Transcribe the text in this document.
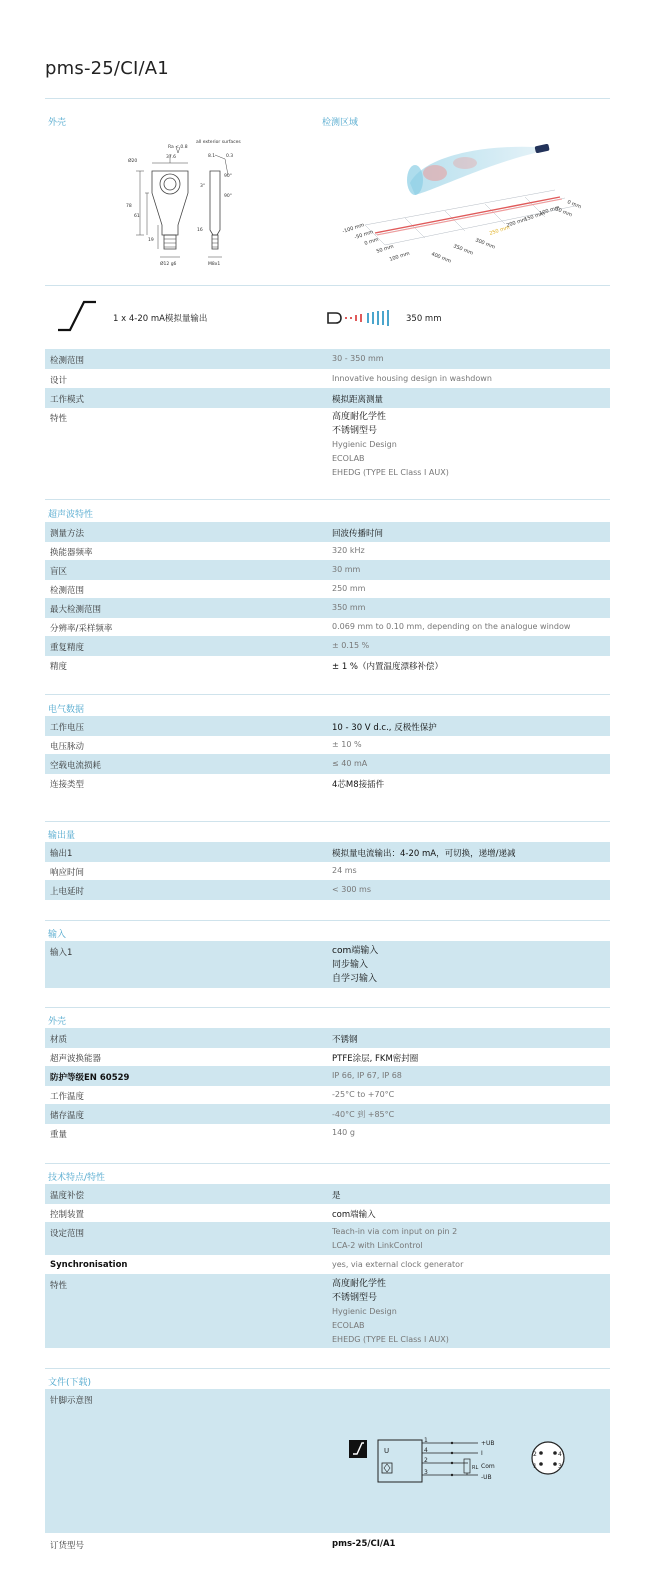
pms-25/CI/A1
外壳	检测区域
Ra < 0.8
all exterior surfaces
Ø20
37.6	8.1 0.3
3°
90°
90°
78
61
19
16
Ø12 g6	M8x1
0 mm
50 mm
100 mm
150 mm
200 mm
250 mm
-100 mm
-50 mm
0 mm
50 mm
100 mm
300 mm
350 mm
400 mm
1 x 4-20 mA模拟量输出	350 mm
检测范围	30 - 350 mm
设计	Innovative housing design in washdown
工作模式	模拟距离测量
特性	高度耐化学性
不锈钢型号
Hygienic Design
ECOLAB
EHEDG (TYPE EL Class I AUX)
超声波特性
测量方法	回波传播时间
换能器频率	320 kHz
盲区	30 mm
检测范围	250 mm
最大检测范围	350 mm
分辨率/采样频率	0.069 mm to 0.10 mm, depending on the analogue window
重复精度	± 0.15 %
精度	± 1 %（内置温度漂移补偿）
电气数据
工作电压	10 - 30 V d.c., 反极性保护
电压脉动	± 10 %
空载电流损耗	≤ 40 mA
连接类型	4芯M8接插件
输出量
输出1	模拟量电流输出：4-20 mA，可切换，递增/递减
响应时间	24 ms
上电延时	< 300 ms
输入
输入1	com端输入
同步输入
自学习输入
外壳
材质	不锈钢
超声波换能器	PTFE涂层, FKM密封圈
防护等级EN 60529	IP 66, IP 67, IP 68
工作温度	-25°C to +70°C
储存温度	-40°C 到 +85°C
重量	140 g
技术特点/特性
温度补偿	是
控制装置	com端输入
设定范围	Teach-in via com input on pin 2
LCA-2 with LinkControl
Synchronisation	yes, via external clock generator
特性	高度耐化学性
不锈钢型号
Hygienic Design
ECOLAB
EHEDG (TYPE EL Class I AUX)
文件(下载)
针脚示意图
U
1
4
2
3
+UB
I
RL Com
-UB
2	4
1	3
订货型号	pms-25/CI/A1
